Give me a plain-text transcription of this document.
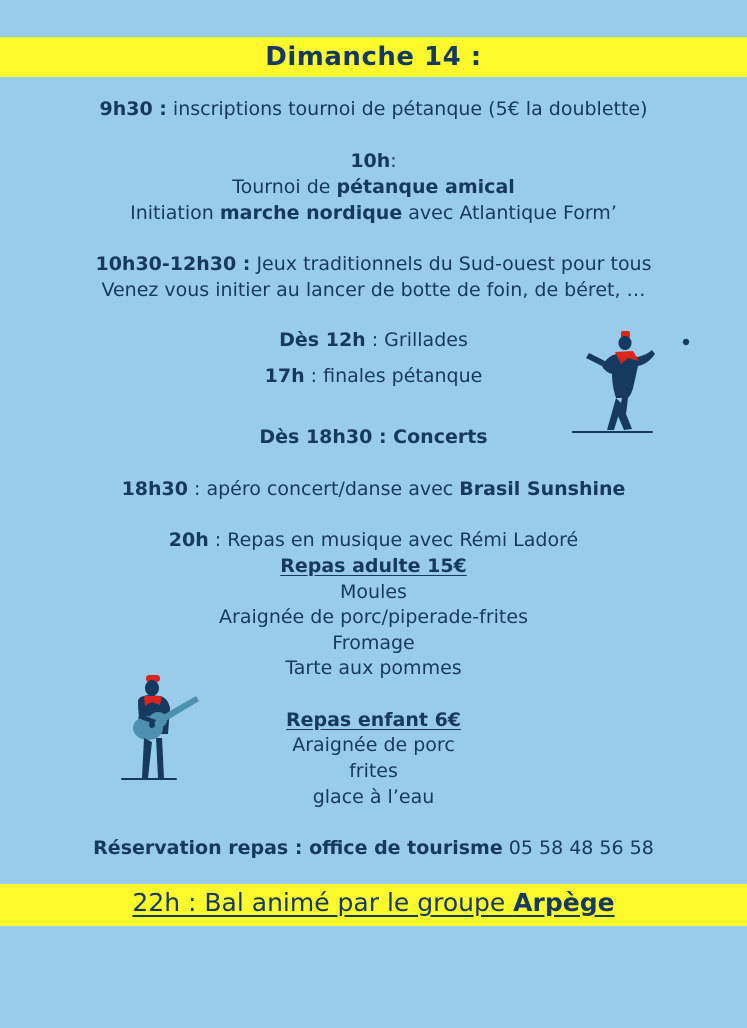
Dimanche 14 :
9h30 : inscriptions tournoi de pétanque (5€ la doublette)
10h:
Tournoi de pétanque amical
Initiation marche nordique avec Atlantique Form’
10h30-12h30 : Jeux traditionnels du Sud-ouest pour tous
Venez vous initier au lancer de botte de foin, de béret, …
Dès 12h : Grillades
17h : finales pétanque
Dès 18h30 : Concerts
18h30 : apéro concert/danse avec Brasil Sunshine
20h : Repas en musique avec Rémi Ladoré
Repas adulte 15€
Moules
Araignée de porc/piperade-frites
Fromage
Tarte aux pommes
Repas enfant 6€
Araignée de porc
frites
glace à l’eau
Réservation repas : office de tourisme 05 58 48 56 58
22h : Bal animé par le groupe Arpège
